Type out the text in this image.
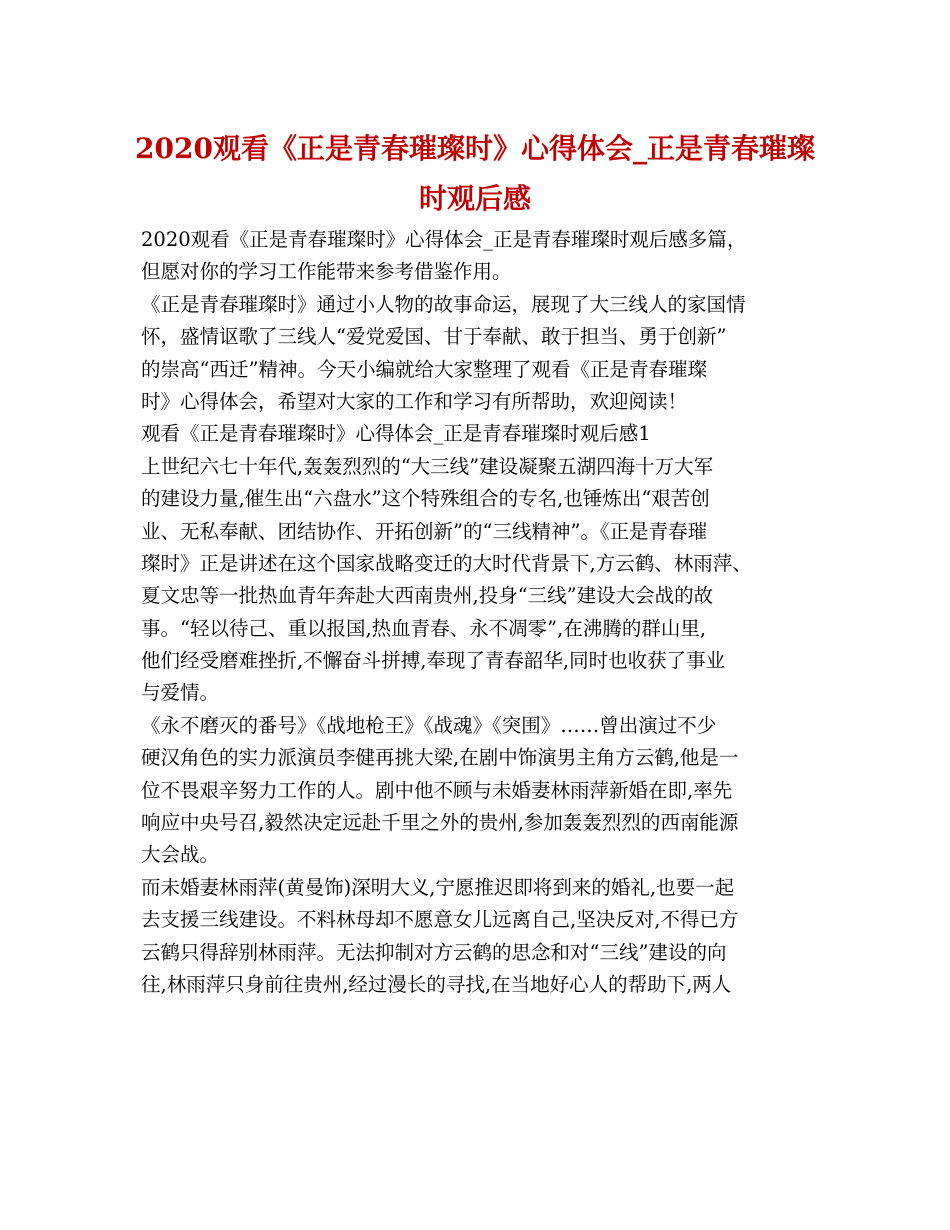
2020观看《正是青春璀璨时》心得体会_正是青春璀璨
时观后感
2020观看《正是青春璀璨时》心得体会_正是青春璀璨时观后感多篇，
但愿对你的学习工作能带来参考借鉴作用。
《正是青春璀璨时》通过小人物的故事命运，展现了大三线人的家国情
怀，盛情讴歌了三线人“爱党爱国、甘于奉献、敢于担当、勇于创新”
的崇高“西迁”精神。今天小编就给大家整理了观看《正是青春璀璨
时》心得体会，希望对大家的工作和学习有所帮助，欢迎阅读！
观看《正是青春璀璨时》心得体会_正是青春璀璨时观后感1
上世纪六七十年代,轰轰烈烈的“大三线”建设凝聚五湖四海十万大军
的建设力量,催生出“六盘水”这个特殊组合的专名,也锤炼出“艰苦创
业、无私奉献、团结协作、开拓创新”的“三线精神”。《正是青春璀
璨时》正是讲述在这个国家战略变迁的大时代背景下,方云鹤、林雨萍、
夏文忠等一批热血青年奔赴大西南贵州,投身“三线”建设大会战的故
事。“轻以待己、重以报国,热血青春、永不凋零”,在沸腾的群山里,
他们经受磨难挫折,不懈奋斗拼搏,奉现了青春韶华,同时也收获了事业
与爱情。
《永不磨灭的番号》《战地枪王》《战魂》《突围》……曾出演过不少
硬汉角色的实力派演员李健再挑大梁,在剧中饰演男主角方云鹤,他是一
位不畏艰辛努力工作的人。剧中他不顾与未婚妻林雨萍新婚在即,率先
响应中央号召,毅然决定远赴千里之外的贵州,参加轰轰烈烈的西南能源
大会战。
而未婚妻林雨萍(黄曼饰)深明大义,宁愿推迟即将到来的婚礼,也要一起
去支援三线建设。不料林母却不愿意女儿远离自己,坚决反对,不得已方
云鹤只得辞别林雨萍。无法抑制对方云鹤的思念和对“三线”建设的向
往,林雨萍只身前往贵州,经过漫长的寻找,在当地好心人的帮助下,两人
